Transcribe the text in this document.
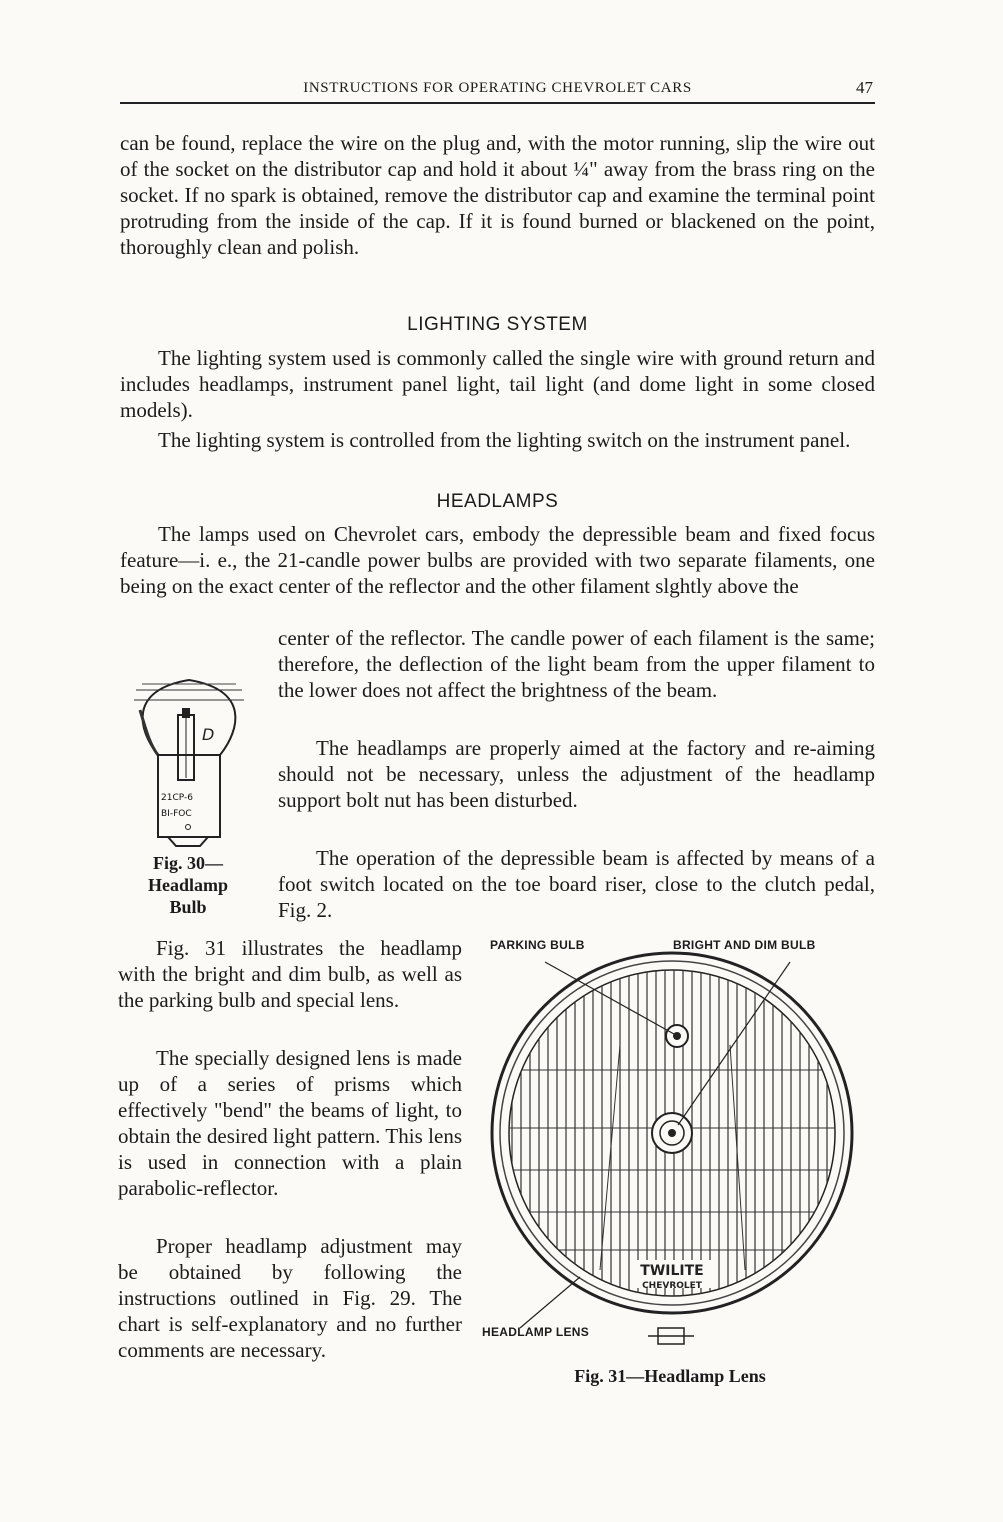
INSTRUCTIONS FOR OPERATING CHEVROLET CARS	47

can be found, replace the wire on the plug and, with the motor running, slip the wire out of the socket on the distributor cap and hold it about ¼" away from the brass ring on the socket. If no spark is obtained, remove the distributor cap and examine the terminal point protruding from the inside of the cap. If it is found burned or blackened on the point, thoroughly clean and polish.

LIGHTING SYSTEM

The lighting system used is commonly called the single wire with ground return and includes headlamps, instrument panel light, tail light (and dome light in some closed models).

The lighting system is controlled from the lighting switch on the instrument panel.

HEADLAMPS

The lamps used on Chevrolet cars, embody the depressible beam and fixed focus feature—i. e., the 21-candle power bulbs are provided with two separate filaments, one being on the exact center of the reflector and the other filament slghtly above the

center of the reflector. The candle power of each filament is the same; therefore, the deflection of the light beam from the upper filament to the lower does not affect the brightness of the beam.

The headlamps are properly aimed at the factory and re-aiming should not be necessary, unless the adjustment of the headlamp support bolt nut has been disturbed.

The operation of the depressible beam is affected by means of a foot switch located on the toe board riser, close to the clutch pedal, Fig. 2.

D
21CP-6
BI-FOC
Fig. 30—
Headlamp
Bulb

Fig. 31 illustrates the headlamp with the bright and dim bulb, as well as the parking bulb and special lens.

The specially designed lens is made up of a series of prisms which effectively "bend" the beams of light, to obtain the desired light pattern. This lens is used in connection with a plain parabolic-reflector.

Proper headlamp adjustment may be obtained by following the instructions outlined in Fig. 29. The chart is self-explanatory and no further comments are necessary.

PARKING BULB	BRIGHT AND DIM BULB
HEADLAMP LENS
TWILITE
CHEVROLET
Fig. 31—Headlamp Lens
